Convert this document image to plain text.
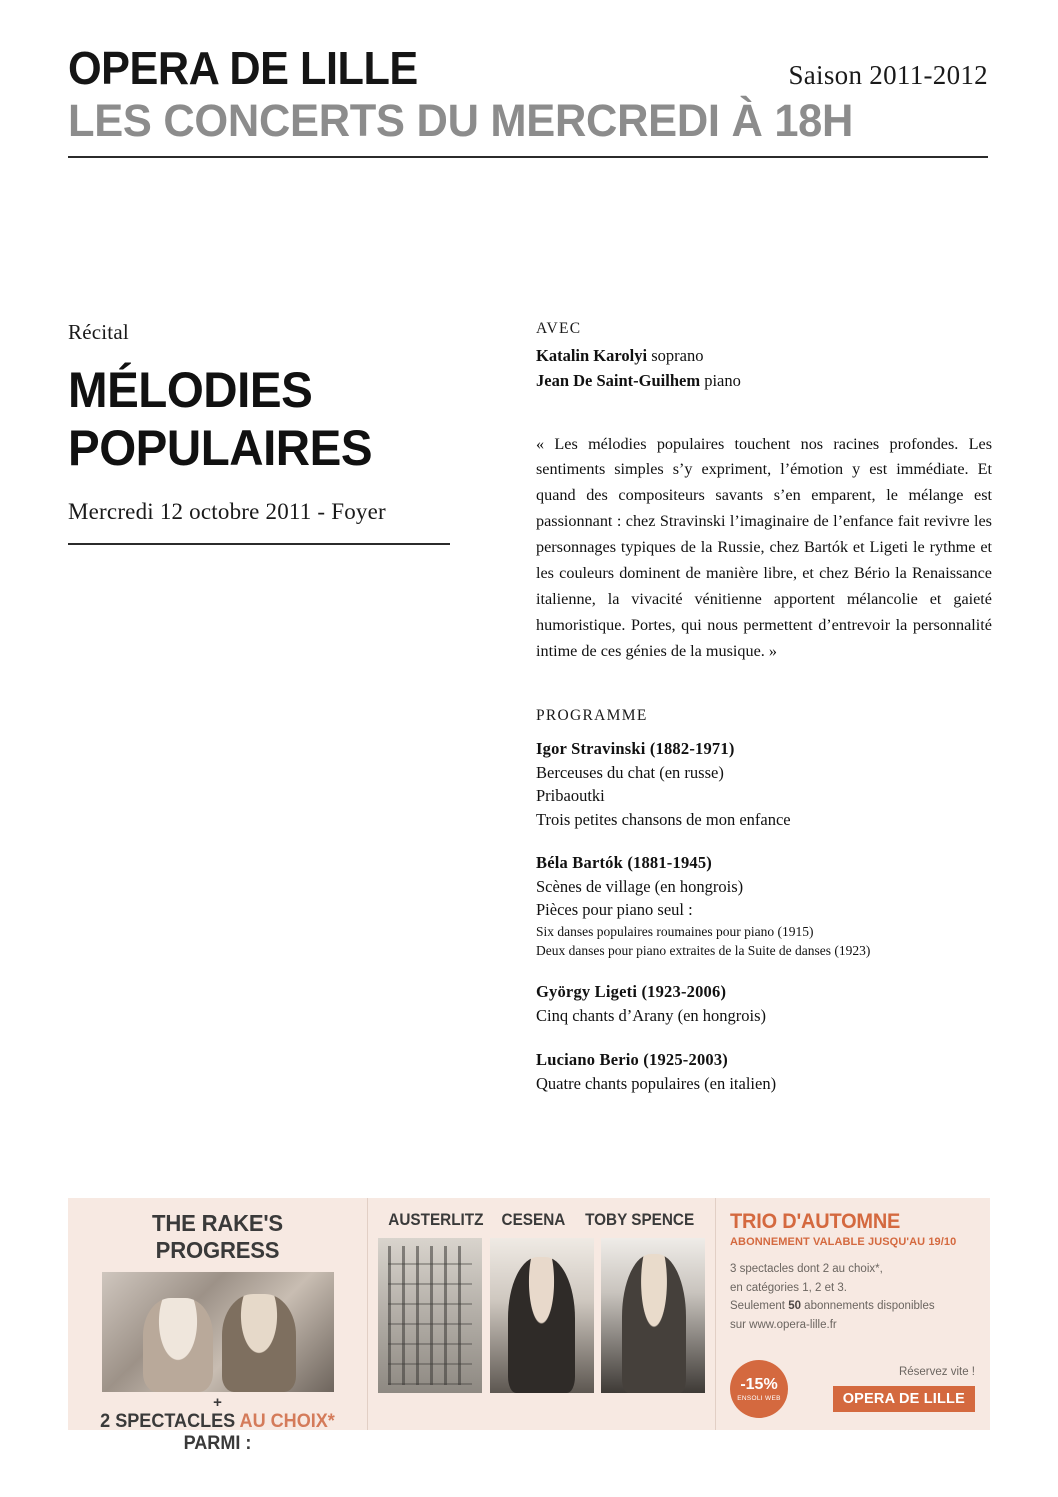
OPERA DE LILLE	Saison 2011-2012
LES CONCERTS DU MERCREDI À 18H
Récital
MÉLODIES
POPULAIRES
Mercredi 12 octobre 2011 - Foyer
AVEC
Katalin Karolyi soprano
Jean De Saint-Guilhem piano
« Les mélodies populaires touchent nos racines profondes. Les sentiments simples s’y expriment, l’émotion y est immédiate. Et quand des compositeurs savants s’en emparent, le mélange est passionnant : chez Stravinski l’imaginaire de l’enfance fait revivre les personnages typiques de la Russie, chez Bartók et Ligeti le rythme et les couleurs dominent de manière libre, et chez Bério la Renaissance italienne, la vivacité vénitienne apportent mélancolie et gaieté humoristique. Portes, qui nous permettent d’entrevoir la personnalité intime de ces génies de la musique. »
PROGRAMME
Igor Stravinski (1882-1971)
Berceuses du chat (en russe)
Pribaoutki
Trois petites chansons de mon enfance
Béla Bartók (1881-1945)
Scènes de village (en hongrois)
Pièces pour piano seul :
Six danses populaires roumaines pour piano (1915)
Deux danses pour piano extraites de la Suite de danses (1923)
György Ligeti (1923-2006)
Cinq chants d’Arany (en hongrois)
Luciano Berio (1925-2003)
Quatre chants populaires (en italien)
THE RAKE'S PROGRESS
+
2 SPECTACLES AU CHOIX* PARMI :
AUSTERLITZ CESENA TOBY SPENCE TRIO D'AUTOMNE
ABONNEMENT VALABLE JUSQU'AU 19/10
3 spectacles dont 2 au choix*,
en catégories 1, 2 et 3.
Seulement 50 abonnements disponibles
sur www.opera-lille.fr
-15%
ENSOLI WEB
Réservez vite !
OPERA DE LILLE
